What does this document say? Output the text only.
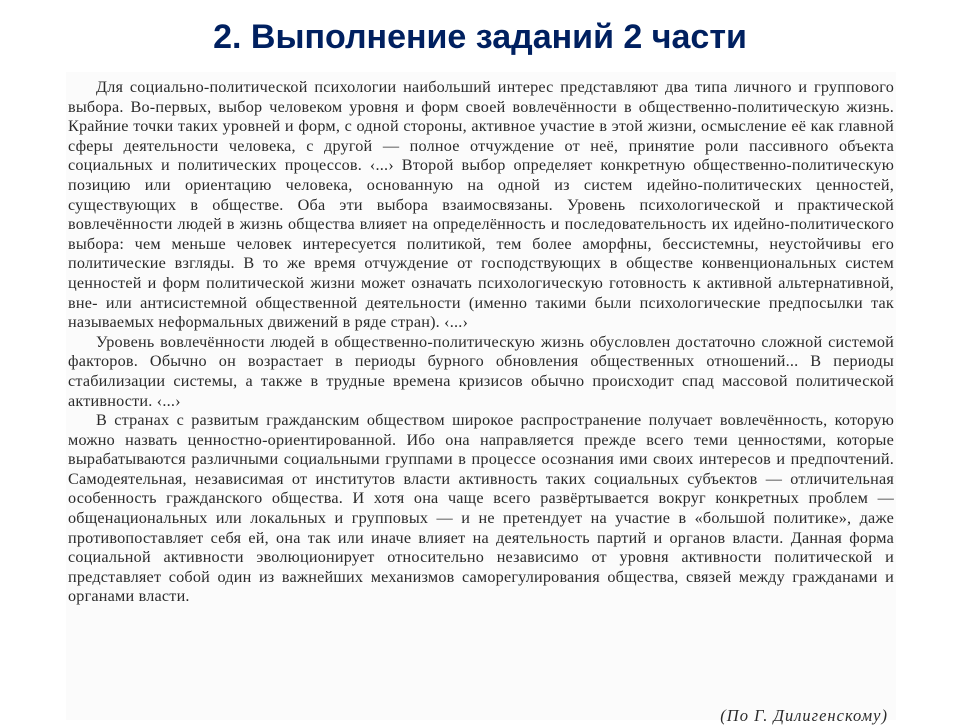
2. Выполнение заданий 2 части

Для социально-политической психологии наибольший интерес представляют два типа личного и группового выбора. Во-первых, выбор человеком уровня и форм своей вовлечённости в общественно-политическую жизнь. Крайние точки таких уровней и форм, с одной стороны, активное участие в этой жизни, осмысление её как главной сферы деятельности человека, с другой — полное отчуждение от неё, принятие роли пассивного объекта социальных и политических процессов. ‹...› Второй выбор определяет конкретную общественно-политическую позицию или ориентацию человека, основанную на одной из систем идейно-политических ценностей, существующих в обществе. Оба эти выбора взаимосвязаны. Уровень психологической и практической вовлечённости людей в жизнь общества влияет на определённость и последовательность их идейно-политического выбора: чем меньше человек интересуется политикой, тем более аморфны, бессистемны, неустойчивы его политические взгляды. В то же время отчуждение от господствующих в обществе конвенциональных систем ценностей и форм политической жизни может означать психологическую готовность к активной альтернативной, вне- или антисистемной общественной деятельности (именно такими были психологические предпосылки так называемых неформальных движений в ряде стран). ‹...›

Уровень вовлечённости людей в общественно-политическую жизнь обусловлен достаточно сложной системой факторов. Обычно он возрастает в периоды бурного обновления общественных отношений... В периоды стабилизации системы, а также в трудные времена кризисов обычно происходит спад массовой политической активности. ‹...›

В странах с развитым гражданским обществом широкое распространение получает вовлечённость, которую можно назвать ценностно-ориентированной. Ибо она направляется прежде всего теми ценностями, которые вырабатываются различными социальными группами в процессе осознания ими своих интересов и предпочтений. Самодеятельная, независимая от институтов власти активность таких социальных субъектов — отличительная особенность гражданского общества. И хотя она чаще всего развёртывается вокруг конкретных проблем — общенациональных или локальных и групповых — и не претендует на участие в «большой политике», даже противопоставляет себя ей, она так или иначе влияет на деятельность партий и органов власти. Данная форма социальной активности эволюционирует относительно независимо от уровня активности политической и представляет собой один из важнейших механизмов саморегулирования общества, связей между гражданами и органами власти.

(По Г. Дилигенскому)
